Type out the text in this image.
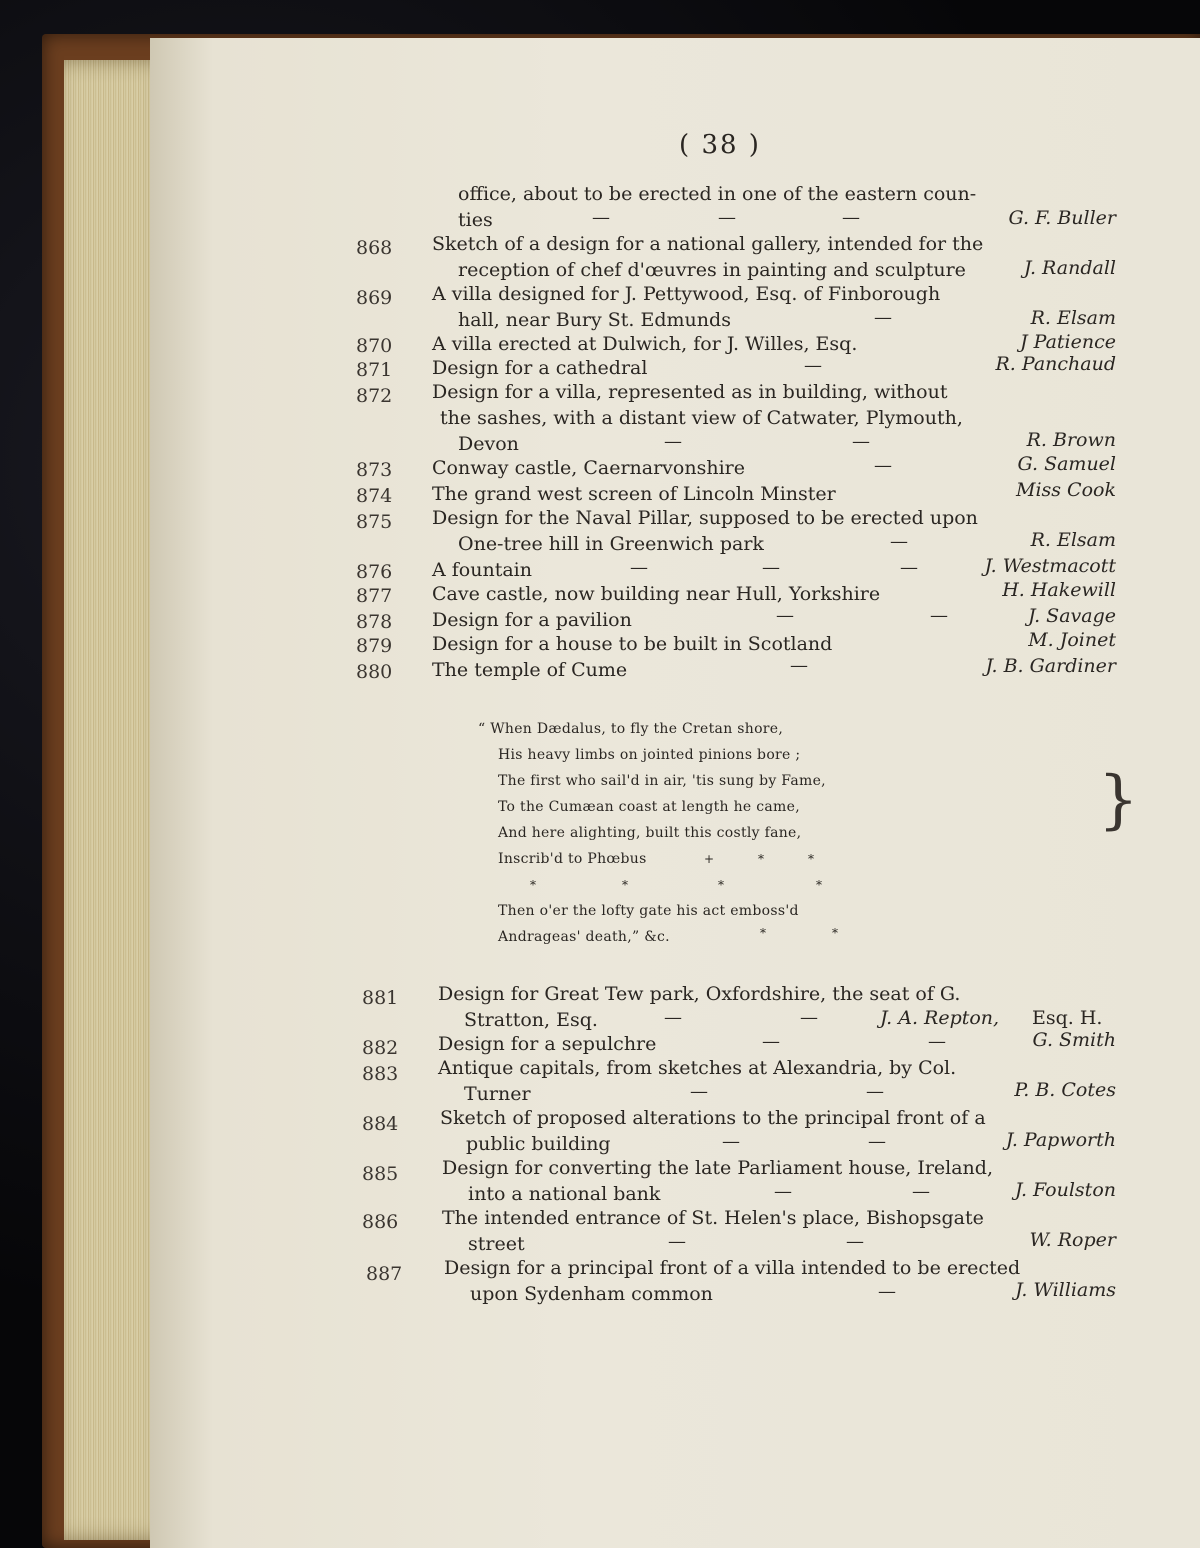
( 38 )
office, about to be erected in one of the eastern coun-
ties	—	—	—	G. F. Buller
868	Sketch of a design for a national gallery, intended for the
reception of chef d'œuvres in painting and sculpture	J. Randall
869	A villa designed for J. Pettywood, Esq. of Finborough
hall, near Bury St. Edmunds	—	R. Elsam
870	A villa erected at Dulwich, for J. Willes, Esq.	J Patience
871	Design for a cathedral	—	R. Panchaud
872	Design for a villa, represented as in building, without
the sashes, with a distant view of Catwater, Plymouth,
Devon	—	—	R. Brown
873	Conway castle, Caernarvonshire	—	G. Samuel
874	The grand west screen of Lincoln Minster	Miss Cook
875	Design for the Naval Pillar, supposed to be erected upon
One-tree hill in Greenwich park	—	R. Elsam
876	A fountain	—	—	—	J. Westmacott
877	Cave castle, now building near Hull, Yorkshire	H. Hakewill
878	Design for a pavilion	—	—	J. Savage
879	Design for a house to be built in Scotland	M. Joinet
880	The temple of Cume	—	J. B. Gardiner
“ When Dædalus, to fly the Cretan shore,
His heavy limbs on jointed pinions bore ;
The first who sail'd in air, 'tis sung by Fame,
To the Cumæan coast at length he came,
And here alighting, built this costly fane,
Inscrib'd to Phœbus	+	*	*
*	*	*	*
Then o'er the lofty gate his act emboss'd
Andrageas' death,” &c.	*	*
}
881	Design for Great Tew park, Oxfordshire, the seat of G.
Stratton, Esq.	—	—	J. A. Repton, Esq. H.
882	Design for a sepulchre	—	—	G. Smith
883	Antique capitals, from sketches at Alexandria, by Col.
Turner	—	—	P. B. Cotes
884	Sketch of proposed alterations to the principal front of a
public building	—	—	J. Papworth
885	Design for converting the late Parliament house, Ireland,
into a national bank	—	—	J. Foulston
886	The intended entrance of St. Helen's place, Bishopsgate
street	—	—	W. Roper
887	Design for a principal front of a villa intended to be erected
upon Sydenham common	—	J. Williams
